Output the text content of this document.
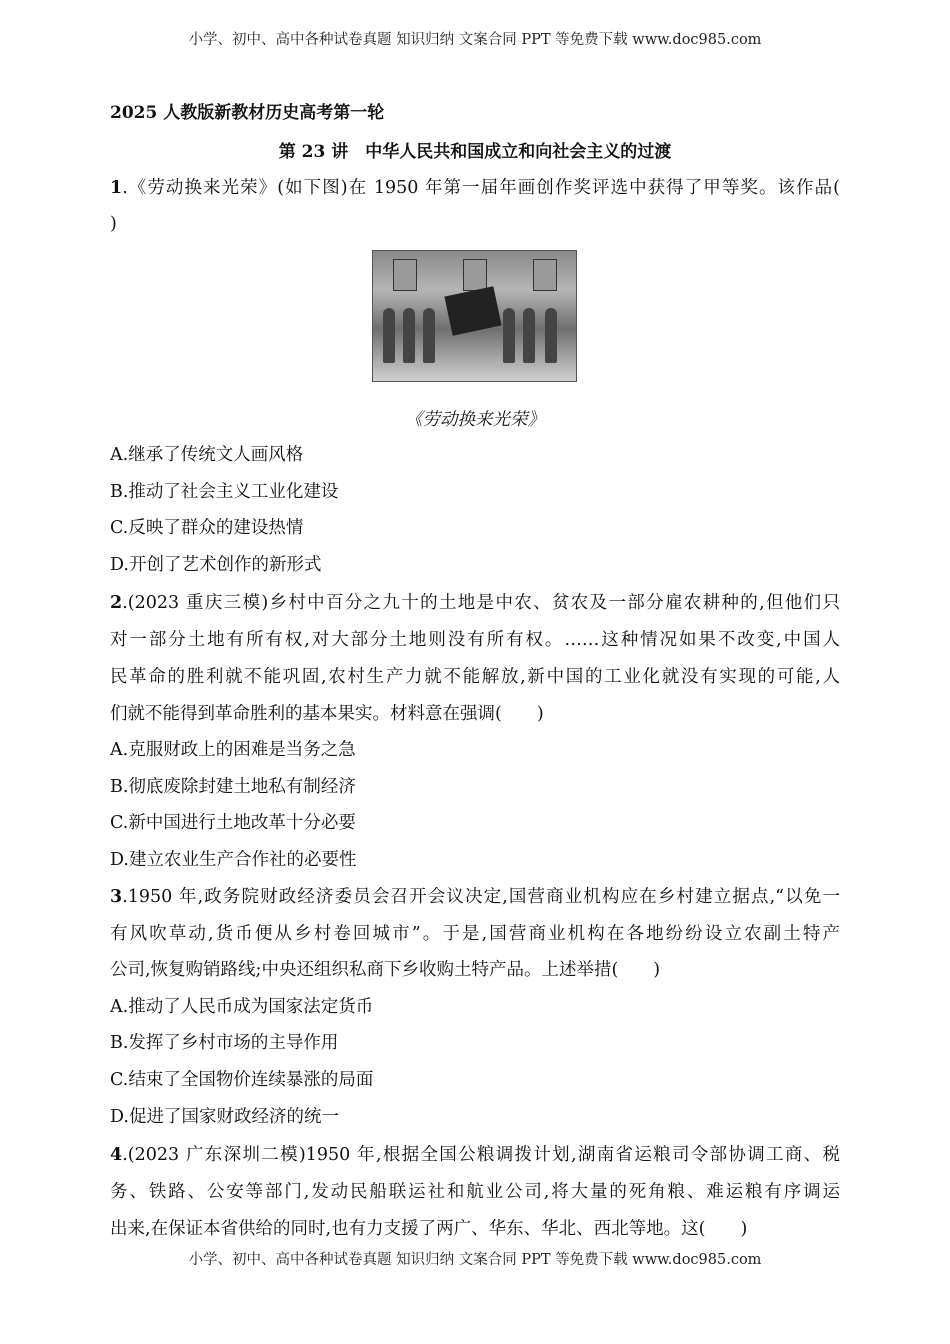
小学、初中、高中各种试卷真题 知识归纳 文案合同 PPT 等免费下载 www.doc985.com
2025 人教版新教材历史高考第一轮
第 23 讲　中华人民共和国成立和向社会主义的过渡
1.《劳动换来光荣》(如下图)在 1950 年第一届年画创作奖评选中获得了甲等奖。该作品(
)
《劳动换来光荣》
A.继承了传统文人画风格
B.推动了社会主义工业化建设
C.反映了群众的建设热情
D.开创了艺术创作的新形式
2.(2023 重庆三模)乡村中百分之九十的土地是中农、贫农及一部分雇农耕种的,但他们只
对一部分土地有所有权,对大部分土地则没有所有权。……这种情况如果不改变,中国人
民革命的胜利就不能巩固,农村生产力就不能解放,新中国的工业化就没有实现的可能,人
们就不能得到革命胜利的基本果实。材料意在强调(　　)
A.克服财政上的困难是当务之急
B.彻底废除封建土地私有制经济
C.新中国进行土地改革十分必要
D.建立农业生产合作社的必要性
3.1950 年,政务院财政经济委员会召开会议决定,国营商业机构应在乡村建立据点,“以免一
有风吹草动,货币便从乡村卷回城市”。于是,国营商业机构在各地纷纷设立农副土特产
公司,恢复购销路线;中央还组织私商下乡收购土特产品。上述举措(　　)
A.推动了人民币成为国家法定货币
B.发挥了乡村市场的主导作用
C.结束了全国物价连续暴涨的局面
D.促进了国家财政经济的统一
4.(2023 广东深圳二模)1950 年,根据全国公粮调拨计划,湖南省运粮司令部协调工商、税
务、铁路、公安等部门,发动民船联运社和航业公司,将大量的死角粮、难运粮有序调运
出来,在保证本省供给的同时,也有力支援了两广、华东、华北、西北等地。这(　　)
小学、初中、高中各种试卷真题 知识归纳 文案合同 PPT 等免费下载 www.doc985.com
